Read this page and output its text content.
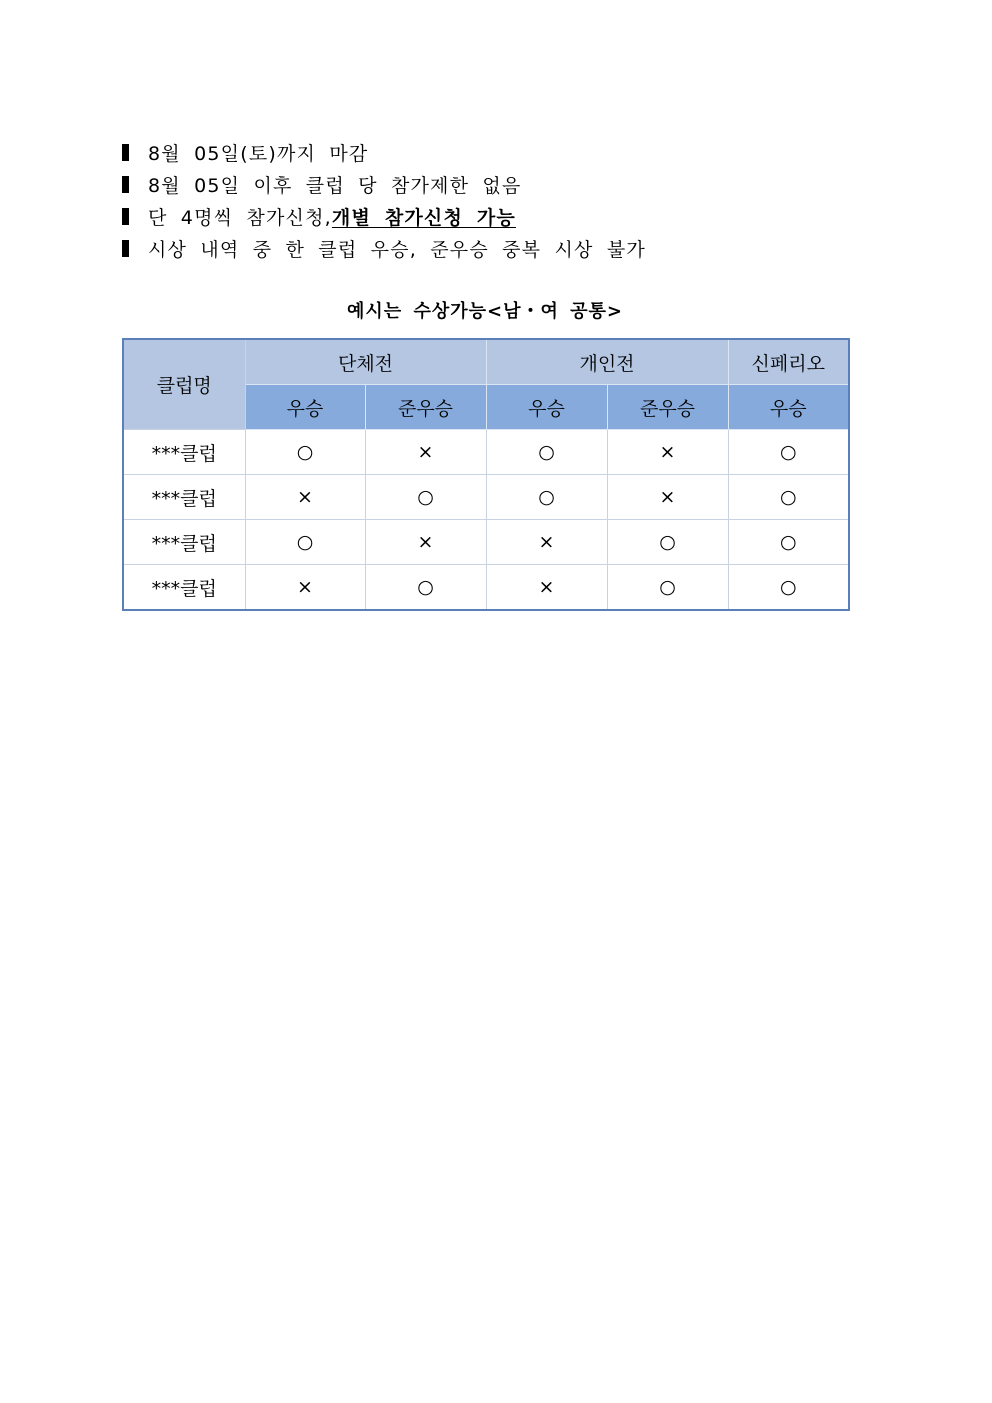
8월 05일(토)까지 마감
8월 05일 이후 클럽 당 참가제한 없음
단 4명씩 참가신청, 개별 참가신청 가능
시상 내역 중 한 클럽 우승, 준우승 중복 시상 불가
예시는 수상가능<남・여 공통>
클럽명	단체전		개인전		신페리오
	우승	준우승	우승	준우승	우승
***클럽	○	×	○	×	○
***클럽	×	○	○	×	○
***클럽	○	×	×	○	○
***클럽	×	○	×	○	○
